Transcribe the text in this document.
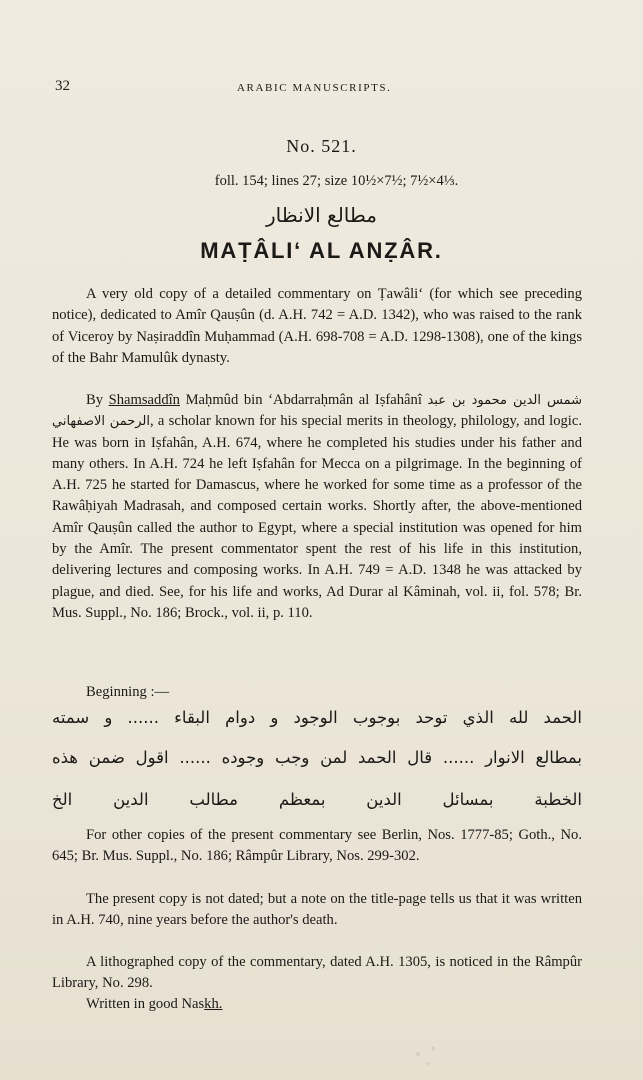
32	ARABIC MANUSCRIPTS.
No. 521.
foll. 154; lines 27; size 10½×7½; 7½×4⅓.
مطالع الانظار
MAṬÂLI‘ AL ANẒÂR.

A very old copy of a detailed commentary on Ṭawâli‘ (for which see preceding notice), dedicated to Amîr Qauṣûn (d. A.H. 742 = A.D. 1342), who was raised to the rank of Viceroy by Naṣiraddîn Muḥammad (A.H. 698-708 = A.D. 1298-1308), one of the kings of the Bahr Mamulûk dynasty.

By Shamsaddîn Maḥmûd bin ‘Abdarraḥmân al Iṣfahânî شمس الدين محمود بن عبد الرحمن الاصفهاني, a scholar known for his special merits in theology, philology, and logic. He was born in Iṣfahân, A.H. 674, where he completed his studies under his father and many others. In A.H. 724 he left Iṣfahân for Mecca on a pilgrimage. In the beginning of A.H. 725 he started for Damascus, where he worked for some time as a professor of the Rawâḥiyah Madrasah, and composed certain works. Shortly after, the above-mentioned Amîr Qauṣûn called the author to Egypt, where a special institution was opened for him by the Amîr. The present commentator spent the rest of his life in this institution, delivering lectures and composing works. In A.H. 749 = A.D. 1348 he was attacked by plague, and died. See, for his life and works, Ad Durar al Kâminah, vol. ii, fol. 578; Br. Mus. Suppl., No. 186; Brock., vol. ii, p. 110.

Beginning :—

الحمد لله الذي توحد بوجوب الوجود و دوام البقاء ...... و سمته
بمطالع الانوار ...... قال الحمد لمن وجب وجوده ...... اقول ضمن هذه
الخطبة بمسائل الدين بمعظم مطالب الدين الخ

For other copies of the present commentary see Berlin, Nos. 1777-85; Goth., No. 645; Br. Mus. Suppl., No. 186; Râmpûr Library, Nos. 299-302.

The present copy is not dated; but a note on the title-page tells us that it was written in A.H. 740, nine years before the author's death.

A lithographed copy of the commentary, dated A.H. 1305, is noticed in the Râmpûr Library, No. 298.

Written in good Naskh.
